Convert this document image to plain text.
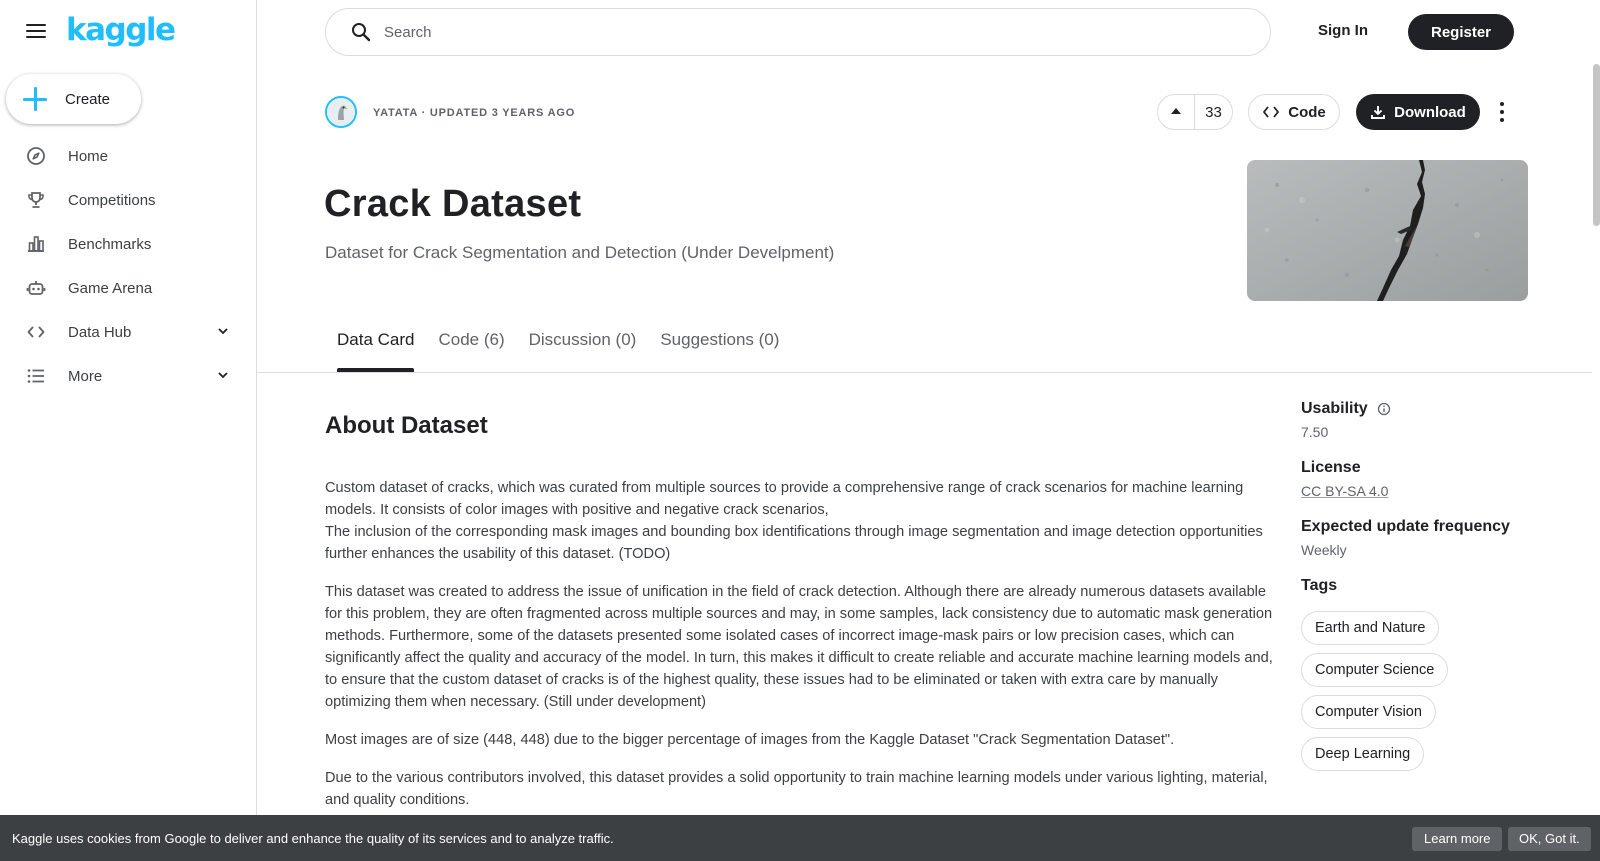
kaggle
Create
Home
Competitions
Benchmarks
Game Arena
Data Hub
More
Search
Sign In	Register
YATATA · UPDATED 3 YEARS AGO	33	Code	Download
Crack Dataset
Dataset for Crack Segmentation and Detection (Under Develpment)
Data Card Code (6) Discussion (0) Suggestions (0)
About Dataset

Custom dataset of cracks, which was curated from multiple sources to provide a comprehensive range of crack scenarios for machine learning models. It consists of color images with positive and negative crack scenarios,
The inclusion of the corresponding mask images and bounding box identifications through image segmentation and image detection opportunities further enhances the usability of this dataset. (TODO)

This dataset was created to address the issue of unification in the field of crack detection. Although there are already numerous datasets available for this problem, they are often fragmented across multiple sources and may, in some samples, lack consistency due to automatic mask generation methods. Furthermore, some of the datasets presented some isolated cases of incorrect image-mask pairs or low precision cases, which can significantly affect the quality and accuracy of the model. In turn, this makes it difficult to create reliable and accurate machine learning models and, to ensure that the custom dataset of cracks is of the highest quality, these issues had to be eliminated or taken with extra care by manually optimizing them when necessary. (Still under development)

Most images are of size (448, 448) due to the bigger percentage of images from the Kaggle Dataset "Crack Segmentation Dataset".

Due to the various contributors involved, this dataset provides a solid opportunity to train machine learning models under various lighting, material, and quality conditions.

Usability
7.50
License
CC BY-SA 4.0
Expected update frequency
Weekly
Tags
Earth and Nature
Computer Science
Computer Vision
Deep Learning
Kaggle uses cookies from Google to deliver and enhance the quality of its services and to analyze traffic.	Learn more	OK, Got it.
